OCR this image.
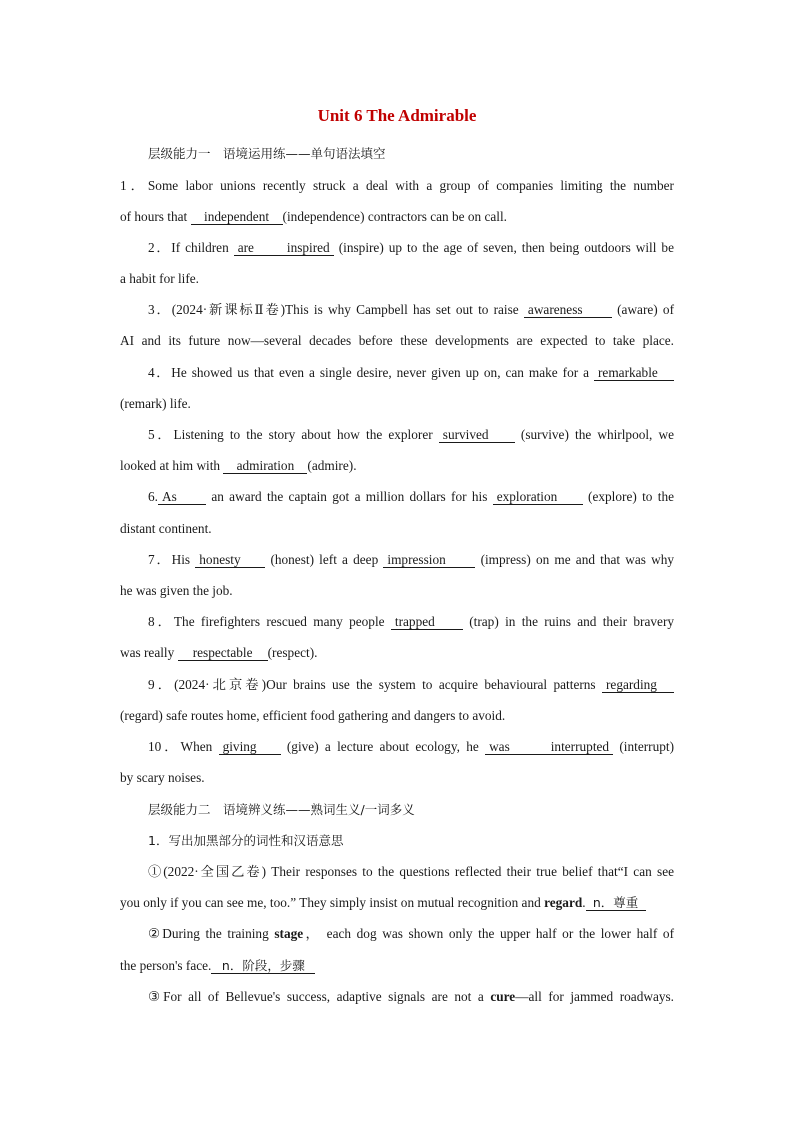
Unit 6 The Admirable
层级能力一　语境运用练——单句语法填空
1．Some labor unions recently struck a deal with a group of companies limiting the number
of hours that independent (independence) contractors can be on call.
2．If children are inspired (inspire) up to the age of seven, then being outdoors will be
a habit for life.
3．(2024·新课标Ⅱ卷)This is why Campbell has set out to raise awareness	(aware) of
AI and its future now—several decades before these developments are expected to take place.
4．He showed us that even a single desire, never given up on, can make for a remarkable
(remark) life.
5．Listening to the story about how the explorer survived (survive) the whirlpool, we
looked at him with admiration (admire).
6. As	an award the captain got a million dollars for his exploration (explore) to the
distant continent.
7．His honesty (honest) left a deep impression	(impress) on me and that was why
he was given the job.
8．The firefighters rescued many people trapped	(trap) in the ruins and their bravery
was really respectable (respect).
9．(2024·北京卷)Our brains use the system to acquire behavioural patterns regarding
(regard) safe routes home, efficient food gathering and dangers to avoid.
10．When giving (give) a lecture about ecology, he was interrupted (interrupt)
by scary noises.
层级能力二　语境辨义练——熟词生义/一词多义
1．写出加黑部分的词性和汉语意思
①(2022·全国乙卷) Their responses to the questions reflected their true belief that“I can see
you only if you can see me, too.” They simply insist on mutual recognition and regard. n．尊重
②During the training stage， each dog was shown only the upper half or the lower half of
the person's face. n．阶段，步骤
③For all of Bellevue's success, adaptive signals are not a cure—all for jammed roadways.
